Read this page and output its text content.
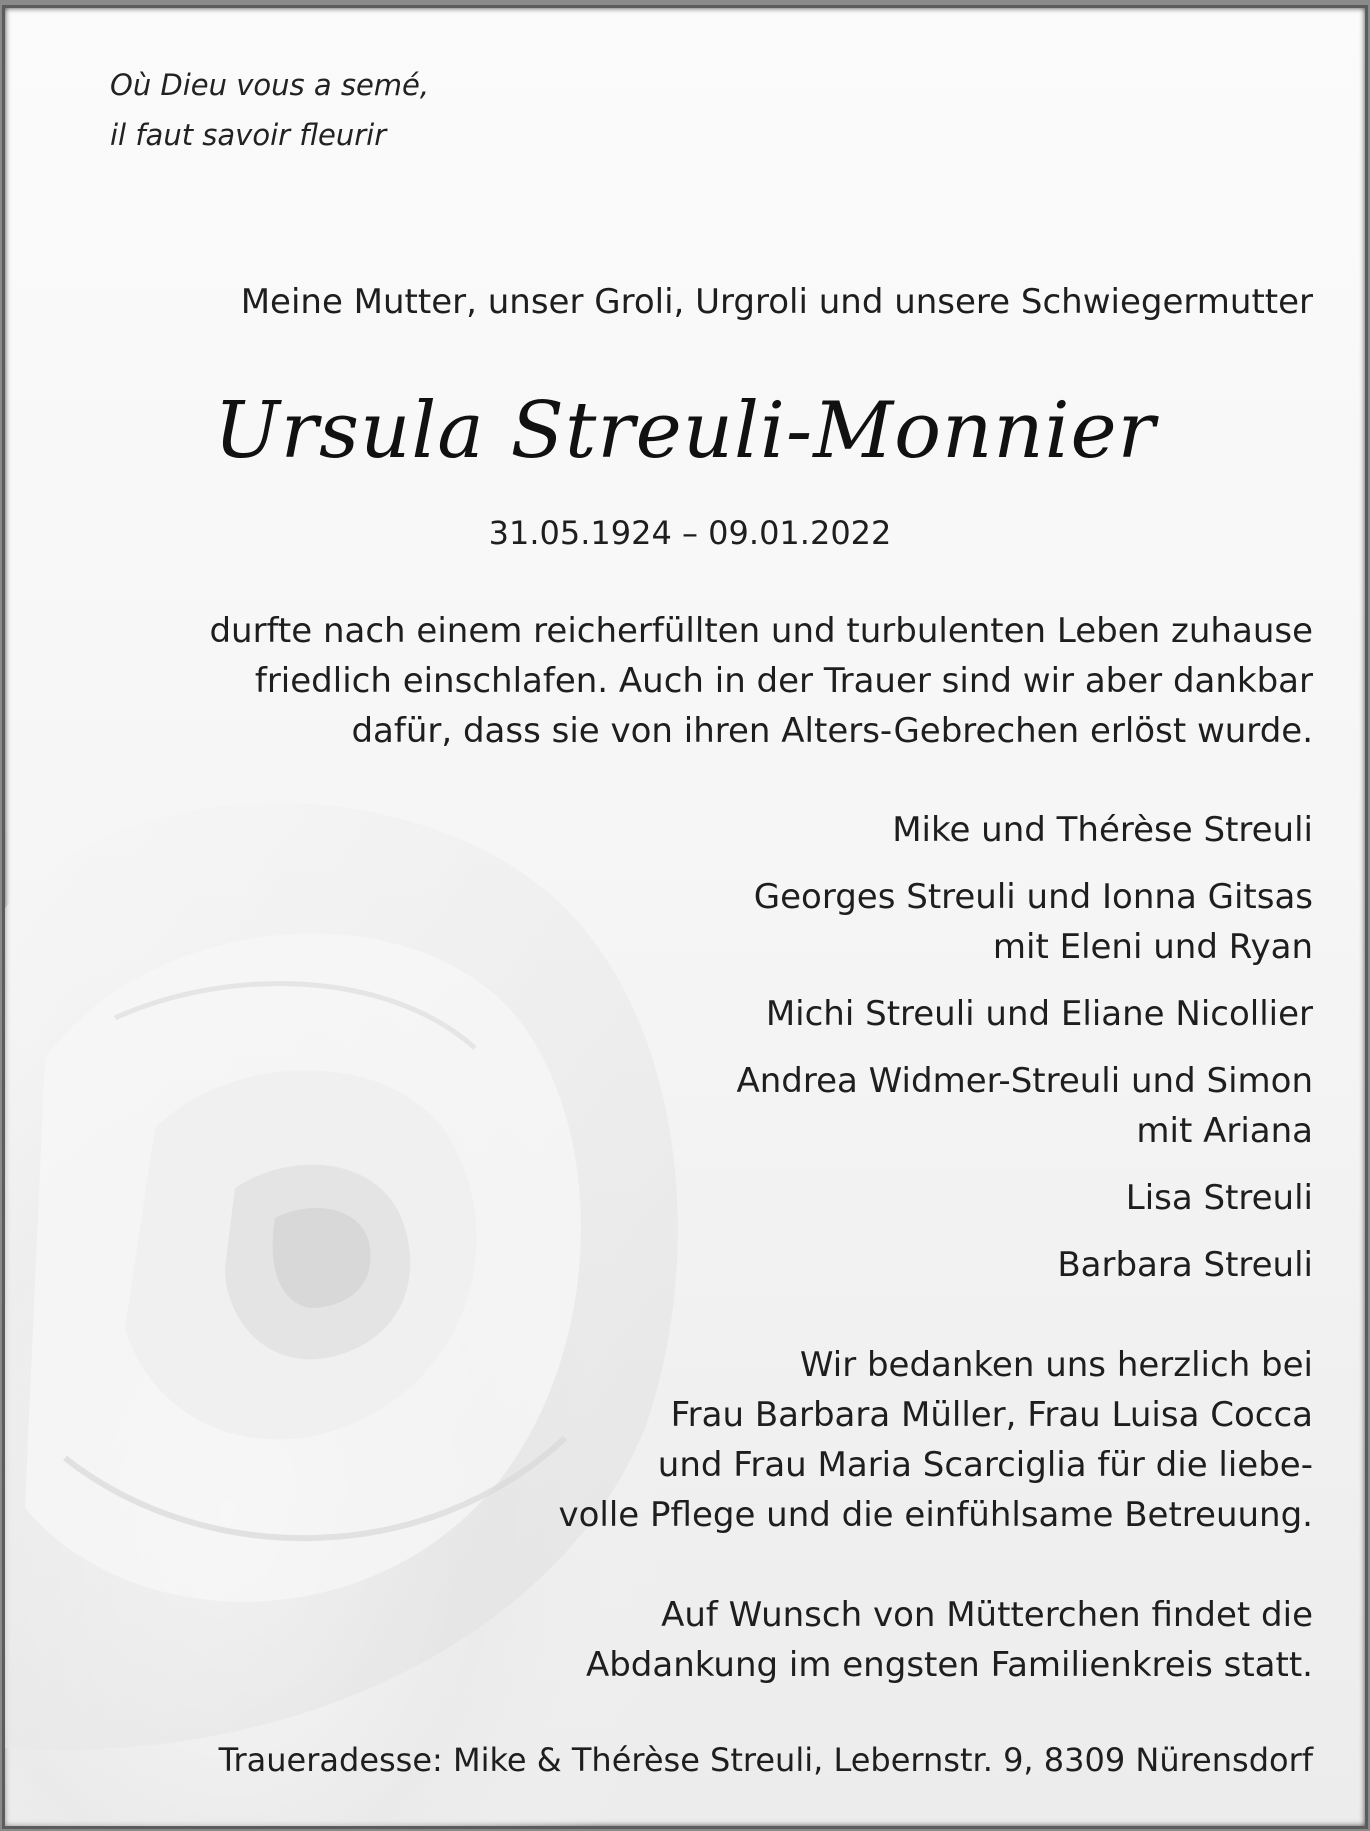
Où Dieu vous a semé,
il faut savoir fleurir
Meine Mutter, unser Groli, Urgroli und unsere Schwiegermutter
Ursula Streuli-Monnier
31.05.1924 – 09.01.2022
durfte nach einem reicherfüllten und turbulenten Leben zuhause
friedlich einschlafen. Auch in der Trauer sind wir aber dankbar
dafür, dass sie von ihren Alters-Gebrechen erlöst wurde.
Mike und Thérèse Streuli
Georges Streuli und Ionna Gitsas
mit Eleni und Ryan
Michi Streuli und Eliane Nicollier
Andrea Widmer-Streuli und Simon
mit Ariana
Lisa Streuli
Barbara Streuli
Wir bedanken uns herzlich bei
Frau Barbara Müller, Frau Luisa Cocca
und Frau Maria Scarciglia für die liebe-
volle Pflege und die einfühlsame Betreuung.
Auf Wunsch von Mütterchen findet die
Abdankung im engsten Familienkreis statt.
Traueradesse: Mike & Thérèse Streuli, Lebernstr. 9, 8309 Nürensdorf
